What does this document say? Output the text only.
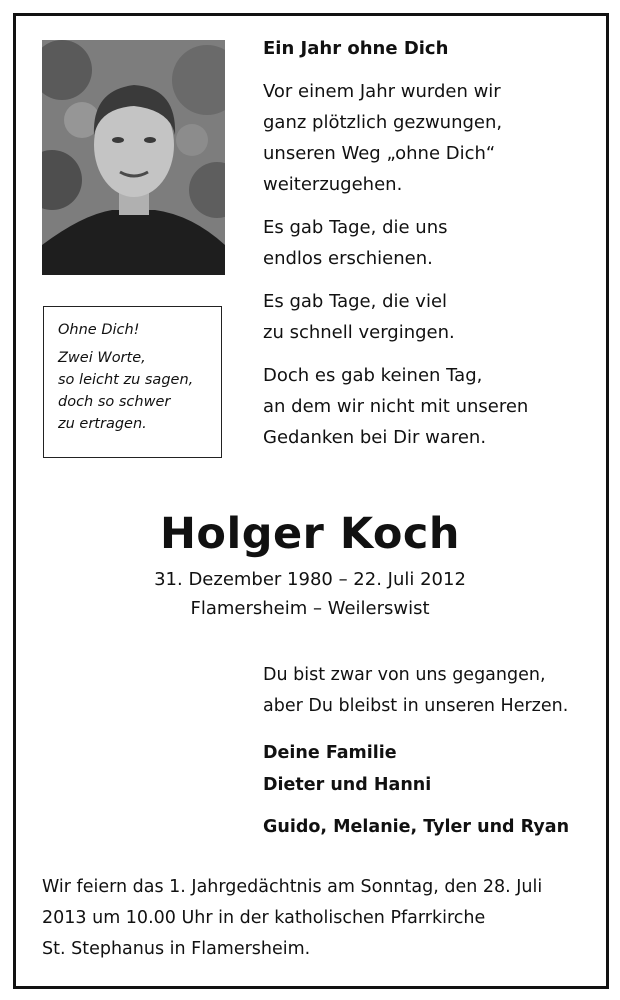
Ohne Dich!

Zwei Worte,
so leicht zu sagen,
doch so schwer
zu ertragen.

Ein Jahr ohne Dich

Vor einem Jahr wurden wir
ganz plötzlich gezwungen,
unseren Weg „ohne Dich“
weiterzugehen.

Es gab Tage, die uns
endlos erschienen.

Es gab Tage, die viel
zu schnell vergingen.

Doch es gab keinen Tag,
an dem wir nicht mit unseren
Gedanken bei Dir waren.

Holger Koch
31. Dezember 1980 – 22. Juli 2012
Flamersheim – Weilerswist
Du bist zwar von uns gegangen,
aber Du bleibst in unseren Herzen.
Deine Familie
Dieter und Hanni
Guido, Melanie, Tyler und Ryan
Wir feiern das 1. Jahrgedächtnis am Sonntag, den 28. Juli
2013 um 10.00 Uhr in der katholischen Pfarrkirche
St. Stephanus in Flamersheim.
